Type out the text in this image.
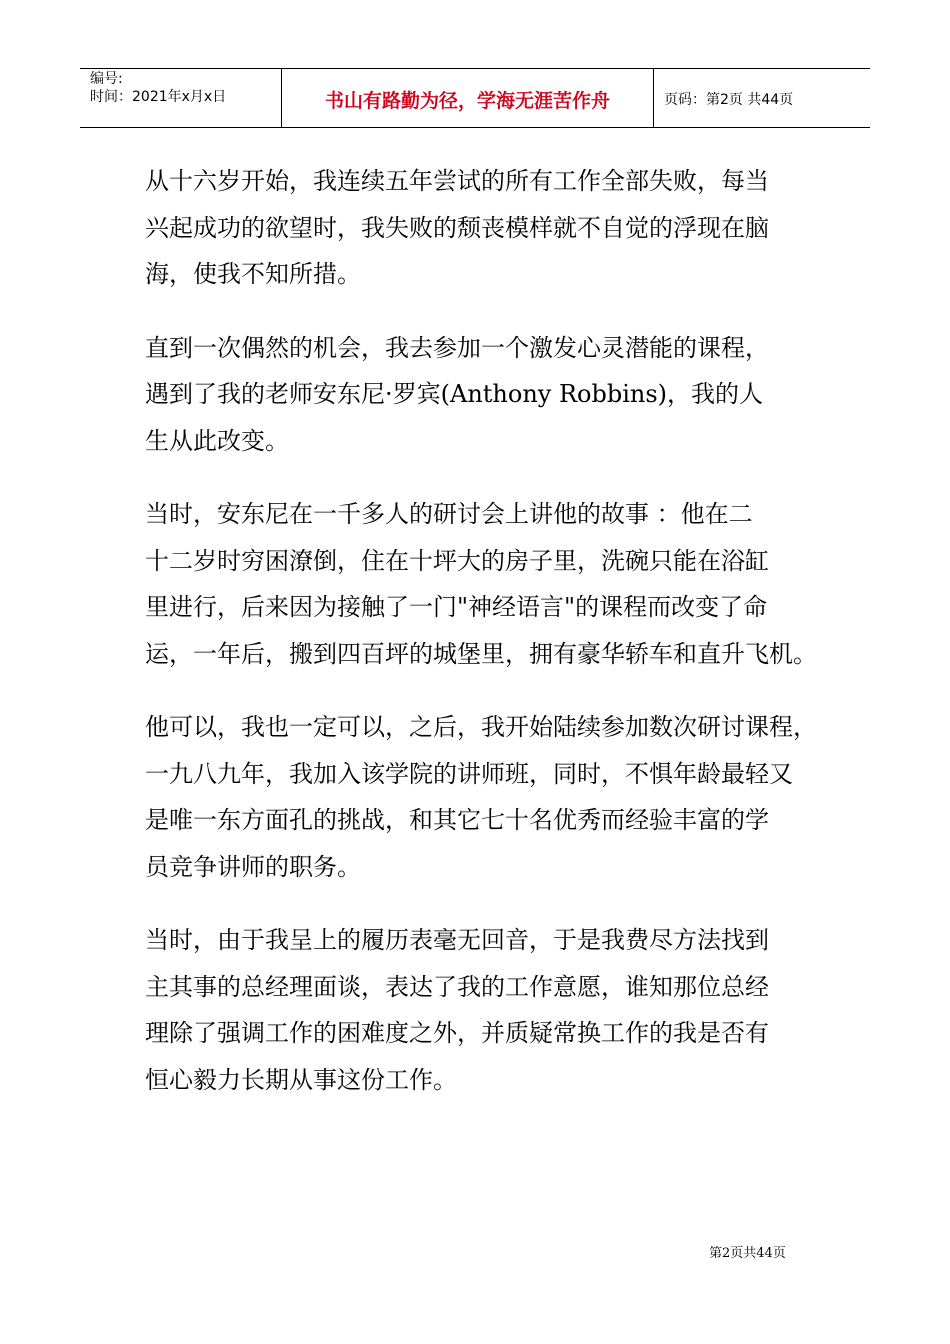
编号:
时间：2021年x月x日	书山有路勤为径，学海无涯苦作舟	页码：第2页 共44页

从十六岁开始，我连续五年尝试的所有工作全部失败，每当
兴起成功的欲望时，我失败的颓丧模样就不自觉的浮现在脑
海，使我不知所措。

直到一次偶然的机会，我去参加一个激发心灵潜能的课程，
遇到了我的老师安东尼·罗宾(Anthony Robbins)，我的人
生从此改变。

当时，安东尼在一千多人的研讨会上讲他的故事 ：他在二
十二岁时穷困潦倒，住在十坪大的房子里，洗碗只能在浴缸
里进行，后来因为接触了一门"神经语言"的课程而改变了命
运，一年后，搬到四百坪的城堡里，拥有豪华轿车和直升飞机。

他可以，我也一定可以，之后，我开始陆续参加数次研讨课程，
一九八九年，我加入该学院的讲师班，同时，不惧年龄最轻又
是唯一东方面孔的挑战，和其它七十名优秀而经验丰富的学
员竞争讲师的职务。

当时，由于我呈上的履历表毫无回音，于是我费尽方法找到
主其事的总经理面谈，表达了我的工作意愿，谁知那位总经
理除了强调工作的困难度之外，并质疑常换工作的我是否有
恒心毅力长期从事这份工作。

第2页共44页
